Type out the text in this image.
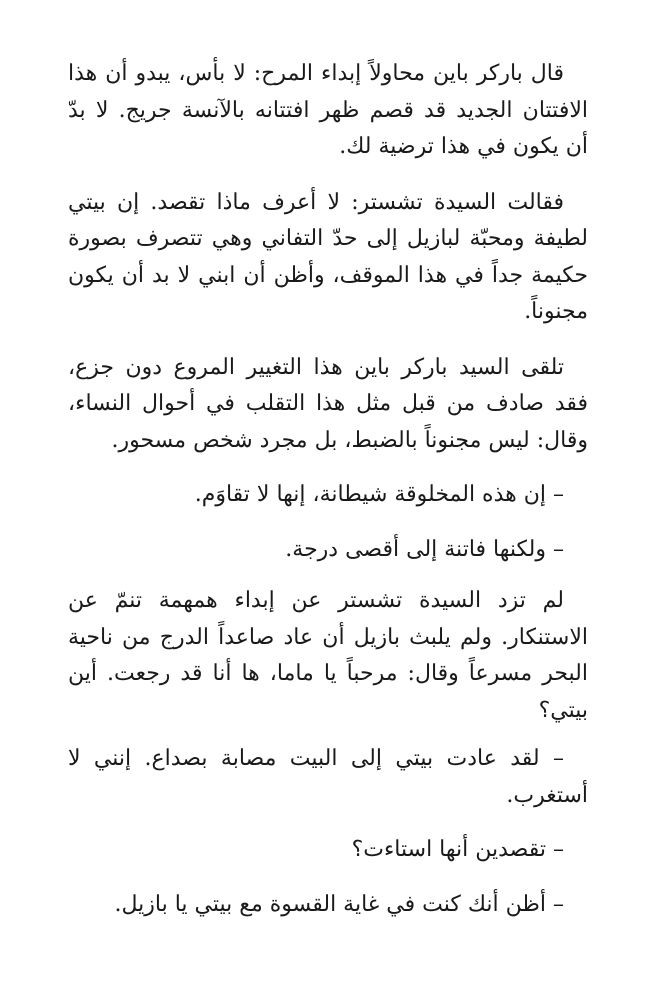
قال باركر باين محاولاً إبداء المرح: لا بأس، يبدو أن هذا الافتتان الجديد قد قصم ظهر افتتانه بالآنسة جريج. لا بدّ أن يكون في هذا ترضية لك.

فقالت السيدة تشستر: لا أعرف ماذا تقصد. إن بيتي لطيفة ومحبّة لبازيل إلى حدّ التفاني وهي تتصرف بصورة حكيمة جداً في هذا الموقف، وأظن أن ابني لا بد أن يكون مجنوناً.

تلقى السيد باركر باين هذا التغيير المروع دون جزع، فقد صادف من قبل مثل هذا التقلب في أحوال النساء، وقال: ليس مجنوناً بالضبط، بل مجرد شخص مسحور.

– إن هذه المخلوقة شيطانة، إنها لا تقاوَم.

– ولكنها فاتنة إلى أقصى درجة.

لم تزد السيدة تشستر عن إبداء همهمة تنمّ عن الاستنكار. ولم يلبث بازيل أن عاد صاعداً الدرج من ناحية البحر مسرعاً وقال: مرحباً يا ماما، ها أنا قد رجعت. أين بيتي؟

– لقد عادت بيتي إلى البيت مصابة بصداع. إنني لا أستغرب.

– تقصدين أنها استاءت؟

– أظن أنك كنت في غاية القسوة مع بيتي يا بازيل.
